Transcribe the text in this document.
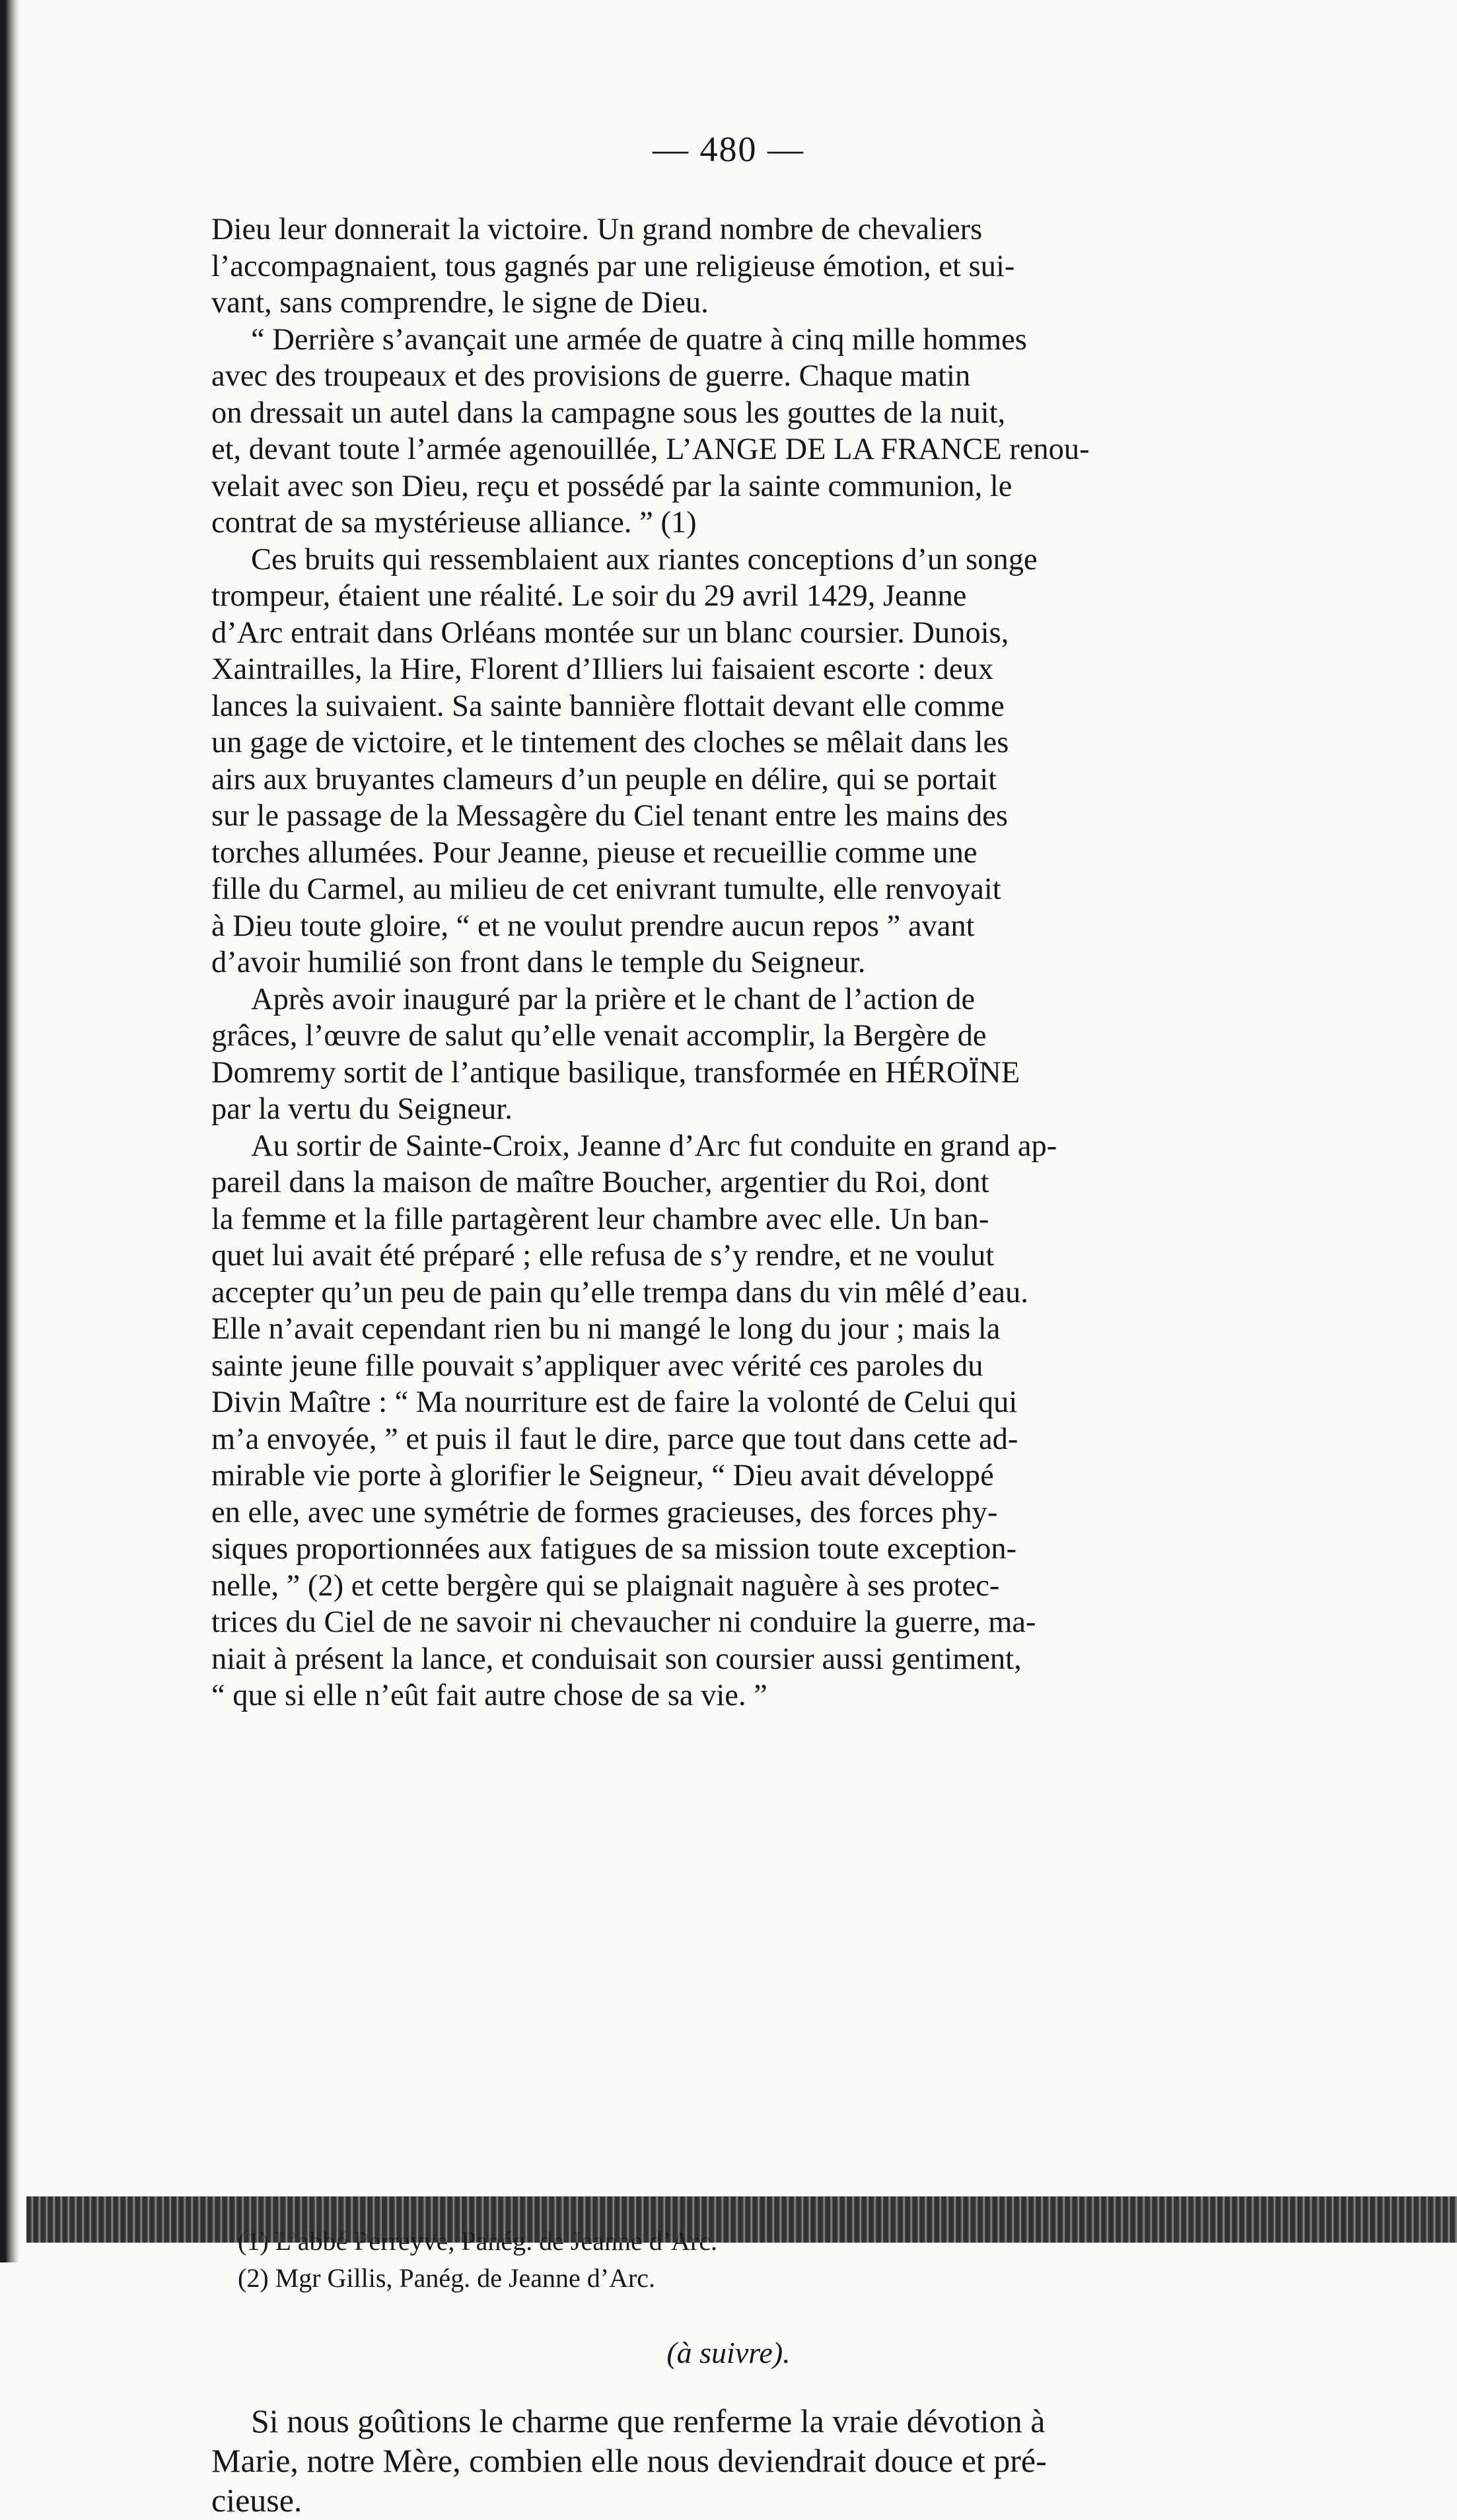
— 480 —
Dieu leur donnerait la victoire. Un grand nombre de chevaliers
l’accompagnaient, tous gagnés par une religieuse émotion, et sui-
vant, sans comprendre, le signe de Dieu.
“ Derrière s’avançait une armée de quatre à cinq mille hommes
avec des troupeaux et des provisions de guerre. Chaque matin
on dressait un autel dans la campagne sous les gouttes de la nuit,
et, devant toute l’armée agenouillée, L’ANGE DE LA FRANCE renou-
velait avec son Dieu, reçu et possédé par la sainte communion, le
contrat de sa mystérieuse alliance. ” (1)
Ces bruits qui ressemblaient aux riantes conceptions d’un songe
trompeur, étaient une réalité. Le soir du 29 avril 1429, Jeanne
d’Arc entrait dans Orléans montée sur un blanc coursier. Dunois,
Xaintrailles, la Hire, Florent d’Illiers lui faisaient escorte : deux
lances la suivaient. Sa sainte bannière flottait devant elle comme
un gage de victoire, et le tintement des cloches se mêlait dans les
airs aux bruyantes clameurs d’un peuple en délire, qui se portait
sur le passage de la Messagère du Ciel tenant entre les mains des
torches allumées. Pour Jeanne, pieuse et recueillie comme une
fille du Carmel, au milieu de cet enivrant tumulte, elle renvoyait
à Dieu toute gloire, “ et ne voulut prendre aucun repos ” avant
d’avoir humilié son front dans le temple du Seigneur.
Après avoir inauguré par la prière et le chant de l’action de
grâces, l’œuvre de salut qu’elle venait accomplir, la Bergère de
Domremy sortit de l’antique basilique, transformée en HÉROÏNE
par la vertu du Seigneur.
Au sortir de Sainte-Croix, Jeanne d’Arc fut conduite en grand ap-
pareil dans la maison de maître Boucher, argentier du Roi, dont
la femme et la fille partagèrent leur chambre avec elle. Un ban-
quet lui avait été préparé ; elle refusa de s’y rendre, et ne voulut
accepter qu’un peu de pain qu’elle trempa dans du vin mêlé d’eau.
Elle n’avait cependant rien bu ni mangé le long du jour ; mais la
sainte jeune fille pouvait s’appliquer avec vérité ces paroles du
Divin Maître : “ Ma nourriture est de faire la volonté de Celui qui
m’a envoyée, ” et puis il faut le dire, parce que tout dans cette ad-
mirable vie porte à glorifier le Seigneur, “ Dieu avait développé
en elle, avec une symétrie de formes gracieuses, des forces phy-
siques proportionnées aux fatigues de sa mission toute exception-
nelle, ” (2) et cette bergère qui se plaignait naguère à ses protec-
trices du Ciel de ne savoir ni chevaucher ni conduire la guerre, ma-
niait à présent la lance, et conduisait son coursier aussi gentiment,
“ que si elle n’eût fait autre chose de sa vie. ”
(2) Mgr Gillis, Panég. de Jeanne d’Arc.
(à suivre).
Si nous goûtions le charme que renferme la vraie dévotion à
Marie, notre Mère, combien elle nous deviendrait douce et pré-
cieuse.
